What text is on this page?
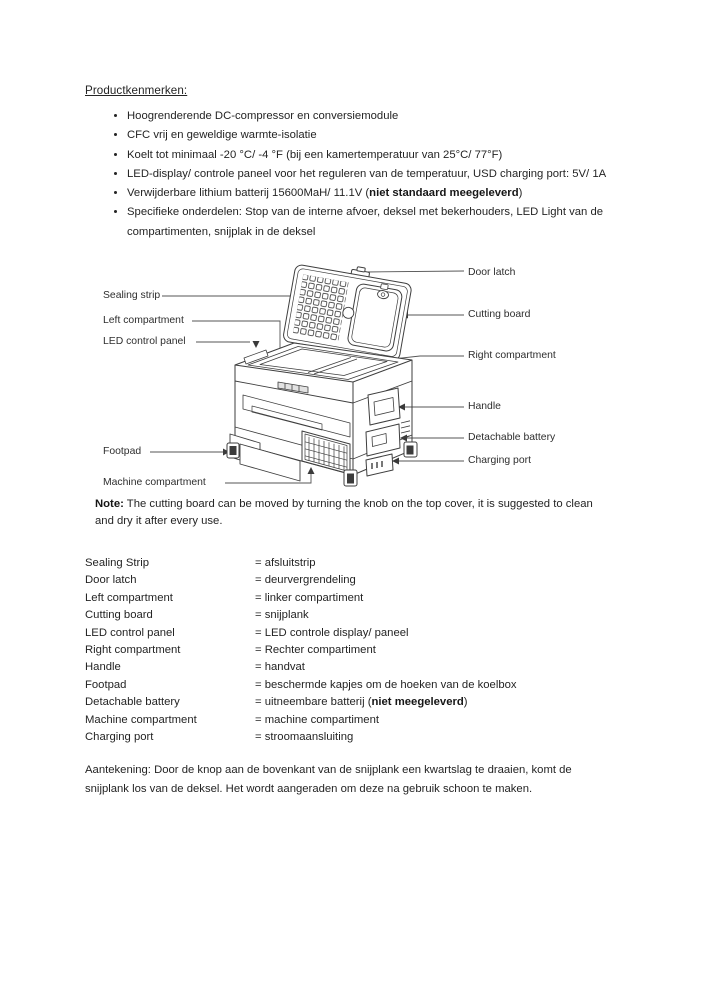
Productkenmerken:
• Hoogrenderende DC-compressor en conversiemodule
• CFC vrij en geweldige warmte-isolatie
• Koelt tot minimaal -20 °C/ -4 °F (bij een kamertemperatuur van 25°C/ 77°F)
• LED-display/ controle paneel voor het reguleren van de temperatuur, USD charging port: 5V/ 1A
• Verwijderbare lithium batterij 15600MaH/ 11.1V (niet standaard meegeleverd)
• Specifieke onderdelen: Stop van de interne afvoer, deksel met bekerhouders, LED Light van de compartimenten, snijplak in de deksel
Sealing strip
Left compartment
LED control panel
Footpad
Machine compartment
Door latch
Cutting board
Right compartment
Handle
Detachable battery
Charging port
Note: The cutting board can be moved by turning the knob on the top cover, it is suggested to clean and dry it after every use.
Sealing Strip	= afsluitstrip
Door latch	= deurvergrendeling
Left compartment	= linker compartiment
Cutting board	= snijplank
LED control panel	= LED controle display/ paneel
Right compartment	= Rechter compartiment
Handle	= handvat
Footpad	= beschermde kapjes om de hoeken van de koelbox
Detachable battery	= uitneembare batterij (niet meegeleverd)
Machine compartment	= machine compartiment
Charging port	= stroomaansluiting
Aantekening: Door de knop aan de bovenkant van de snijplank een kwartslag te draaien, komt de snijplank los van de deksel. Het wordt aangeraden om deze na gebruik schoon te maken.
